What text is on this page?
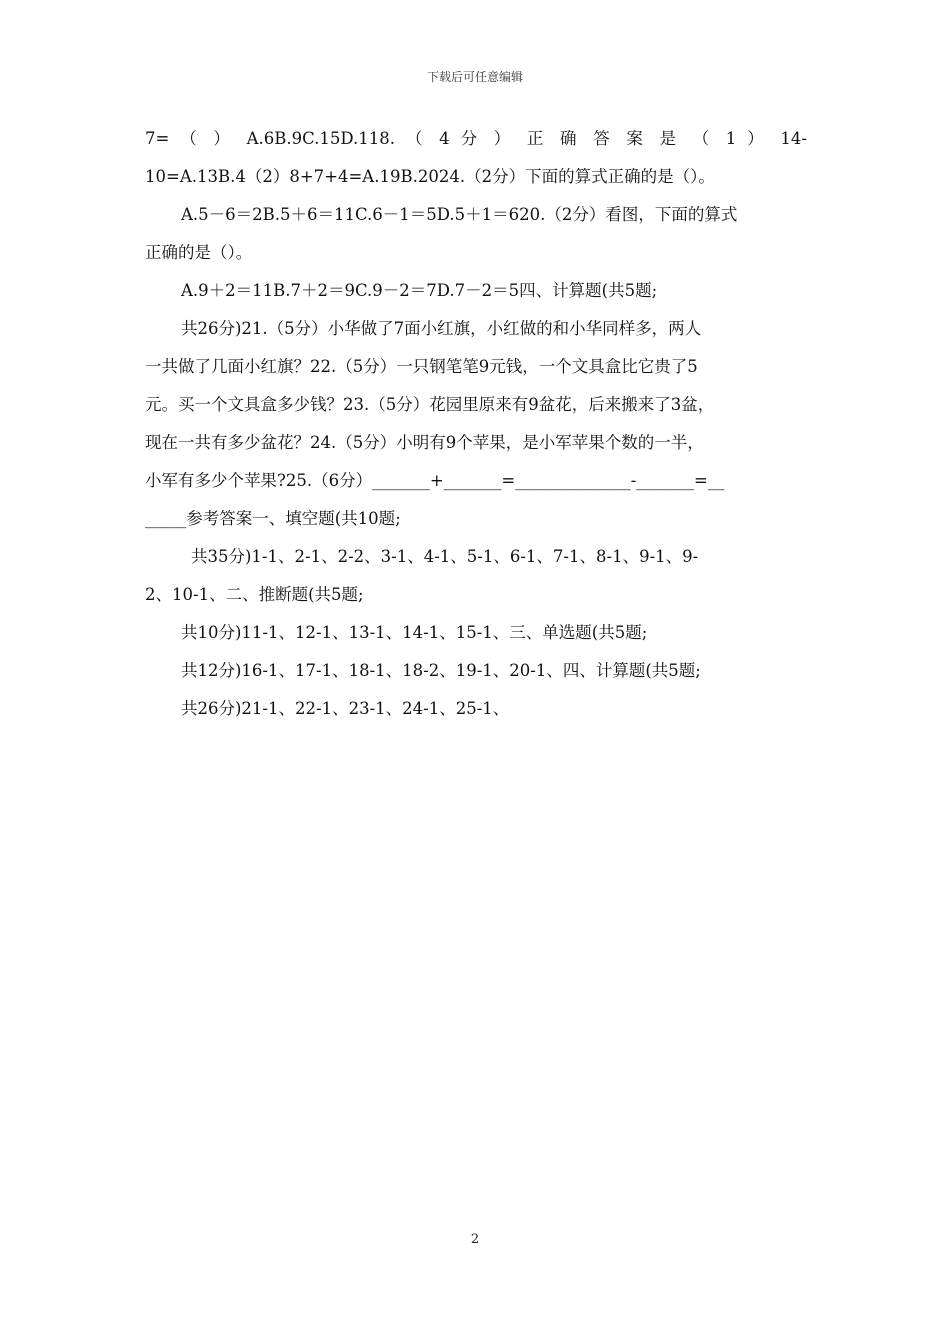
下载后可任意编辑
7= （ ） A.6B.9C.15D.118. （ 4 分 ） 正 确 答 案 是 （ 1 ） 14-
10=A.13B.4（2）8+7+4=A.19B.2024.（2分）下面的算式正确的是（）。
A.5－6＝2B.5＋6＝11C.6－1＝5D.5＋1＝620.（2分）看图，下面的算式
正确的是（）。
A.9＋2＝11B.7＋2＝9C.9－2＝7D.7－2＝5四、计算题(共5题;
共26分)21.（5分）小华做了7面小红旗，小红做的和小华同样多，两人
一共做了几面小红旗？22.（5分）一只钢笔笔9元钱，一个文具盒比它贵了5
元。买一个文具盒多少钱？23.（5分）花园里原来有9盆花，后来搬来了3盆，
现在一共有多少盆花？24.（5分）小明有9个苹果，是小军苹果个数的一半，
小军有多少个苹果?25.（6分）_______+_______=______________-_______=__
_____参考答案一、填空题(共10题;
共35分)1-1、2-1、2-2、3-1、4-1、5-1、6-1、7-1、8-1、9-1、9-
2、10-1、二、推断题(共5题;
共10分)11-1、12-1、13-1、14-1、15-1、三、单选题(共5题;
共12分)16-1、17-1、18-1、18-2、19-1、20-1、四、计算题(共5题;
共26分)21-1、22-1、23-1、24-1、25-1、
2
